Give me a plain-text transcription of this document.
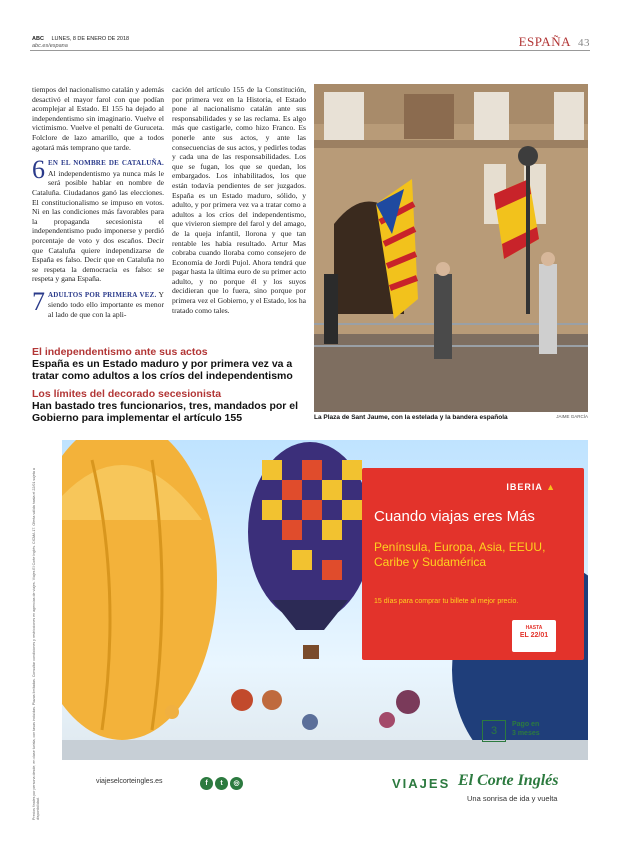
ABC LUNES, 8 DE ENERO DE 2018
abc.es/espana	ESPAÑA 43

tiempos del nacionalismo catalán y además desactivó el mayor farol con que podían acomplejar al Estado. El 155 ha dejado al independentismo sin imaginario. Vuelve el victimismo. Vuelve el penalti de Guruceta. Folclore de lazo amarillo, que a todos agotará más temprano que tarde.

6 EN EL NOMBRE DE CATALUÑA. Al independentismo ya nunca más le será posible hablar en nombre de Cataluña. Ciudadanos ganó las elecciones. El constitucionalismo se impuso en votos. Ni en las condiciones más favorables para la propaganda secesionista el independentismo pudo imponerse y perdió porcentaje de voto y dos escaños. Decir que Cataluña quiere independizarse de España es falso. Decir que en Cataluña no se respeta la democracia es falso: se respeta y gana España.

7 ADULTOS POR PRIMERA VEZ. Y siendo todo ello importante es menor al lado de que con la apli-

cación del artículo 155 de la Constitución, por primera vez en la Historia, el Estado pone al nacionalismo catalán ante sus responsabilidades y se las reclama. Es algo más que castigarle, como hizo Franco. Es ponerle ante sus actos, y ante las consecuencias de sus actos, y pedirles todas y cada una de las responsabilidades. Los que se fugan, los que se quedan, los embargados. Los inhabilitados, los que están todavía pendientes de ser juzgados. España es un Estado maduro, sólido, y adulto, y por primera vez va a tratar como a adultos a los críos del independentismo, que vivieron siempre del farol y del amago, de la queja infantil, lloronа y que tan rentable les había resultado. Artur Mas cobraba cuando lloraba como consejero de Economía de Jordi Pujol. Ahora tendrá que pagar hasta la última euro de su primer acto adulto, y no porque él y los suyos decidieran que lo fuera, sino porque por primera vez el Gobierno, y el Estado, los ha tratado como tales.

El independentismo ante sus actos
España es un Estado maduro y por primera vez va a tratar como adultos a los críos del independentismo
Los límites del decorado secesionista
Han bastado tres funcionarios, tres, mandados por el Gobierno para implementar el artículo 155	La Plaza de Sant Jaume, con la estelada y la bandera española	JAIME GARCÍA
Precios finales por persona desde, en clase turista, con tasas incluidas. Plazas limitadas. Consultar condiciones y restricciones en agencias de viajes. Viajes El Corte Inglés. CICMA 17. Oferta válida hasta el 22/01 sujeta a disponibilidad.
IBERIA ▲
Cuando viajas eres Más
Península, Europa, Asia, EEUU, Caribe y Sudamérica
15 días para comprar tu billete al mejor precio.
HASTA
EL 22/01
3
Pago en
3 meses
viajeselcorteingles.es	f t ◎	VIAJES El Corte Inglés
Una sonrisa de ida y vuelta
